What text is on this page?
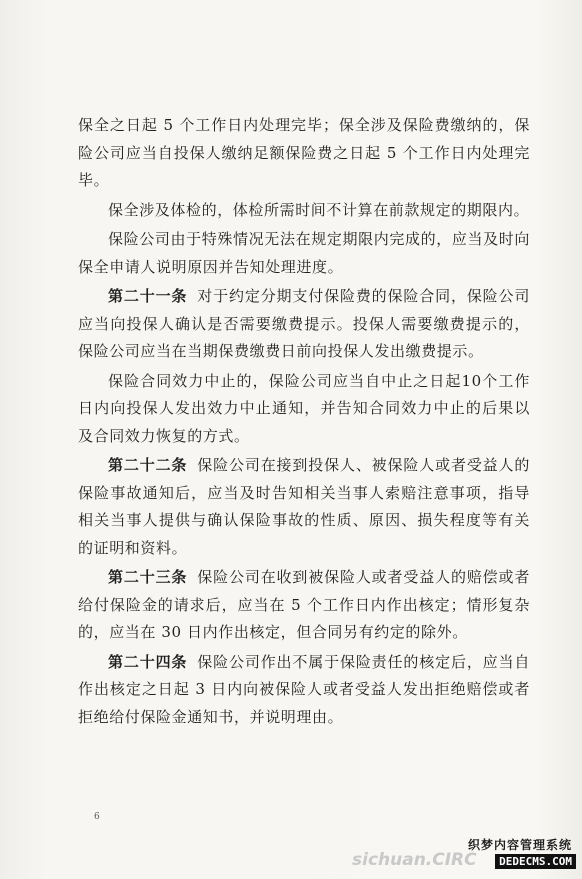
保全之日起 5 个工作日内处理完毕；保全涉及保险费缴纳的，保险公司应当自投保人缴纳足额保险费之日起 5 个工作日内处理完毕。

保全涉及体检的，体检所需时间不计算在前款规定的期限内。

保险公司由于特殊情况无法在规定期限内完成的，应当及时向保全申请人说明原因并告知处理进度。

第二十一条 对于约定分期支付保险费的保险合同，保险公司应当向投保人确认是否需要缴费提示。投保人需要缴费提示的，保险公司应当在当期保费缴费日前向投保人发出缴费提示。

保险合同效力中止的，保险公司应当自中止之日起10个工作日内向投保人发出效力中止通知，并告知合同效力中止的后果以及合同效力恢复的方式。

第二十二条 保险公司在接到投保人、被保险人或者受益人的保险事故通知后，应当及时告知相关当事人索赔注意事项，指导相关当事人提供与确认保险事故的性质、原因、损失程度等有关的证明和资料。

第二十三条 保险公司在收到被保险人或者受益人的赔偿或者给付保险金的请求后，应当在 5 个工作日内作出核定；情形复杂的，应当在 30 日内作出核定，但合同另有约定的除外。

第二十四条 保险公司作出不属于保险责任的核定后，应当自作出核定之日起 3 日内向被保险人或者受益人发出拒绝赔偿或者拒绝给付保险金通知书，并说明理由。

6
织梦内容管理系统
sichuan.CIRC	DEDECMS.COM
